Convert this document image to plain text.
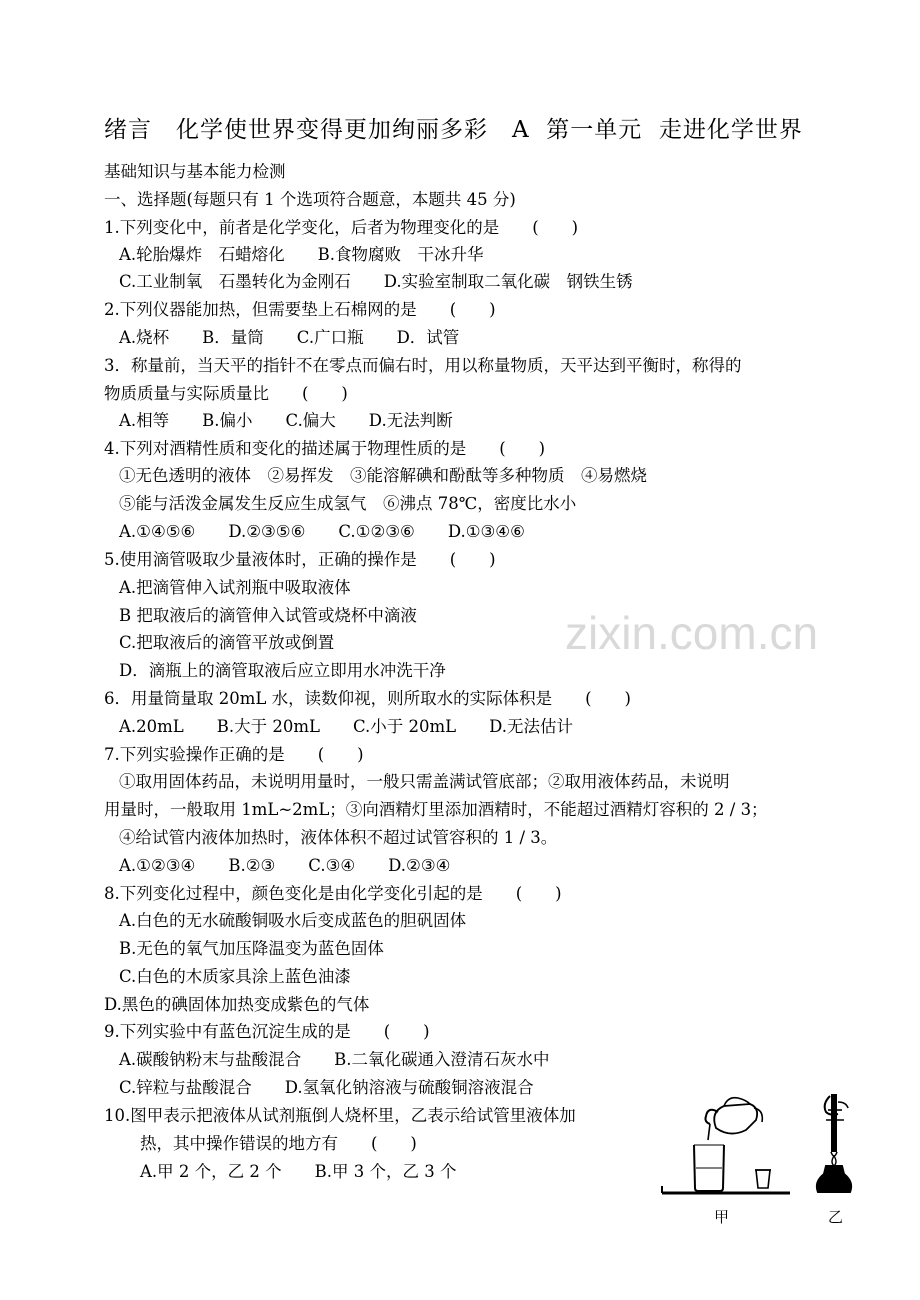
绪言　化学使世界变得更加绚丽多彩　A  第一单元  走进化学世界
基础知识与基本能力检测
一、选择题(每题只有 1 个选项符合题意，本题共 45 分)
1.下列变化中，前者是化学变化，后者为物理变化的是　　(　　)
A.轮胎爆炸　石蜡熔化　　B.食物腐败　干冰升华
C.工业制氧　石墨转化为金刚石　　D.实验室制取二氧化碳　钢铁生锈
2.下列仪器能加热，但需要垫上石棉网的是　　(　　)
A.烧杯　　B．量筒　　C.广口瓶　　D．试管
3．称量前，当天平的指针不在零点而偏右时，用以称量物质，天平达到平衡时，称得的
物质质量与实际质量比　　(　　)
A.相等　　B.偏小　　C.偏大　　D.无法判断
4.下列对酒精性质和变化的描述属于物理性质的是　　(　　)
①无色透明的液体　②易挥发　③能溶解碘和酚酞等多种物质　④易燃烧
⑤能与活泼金属发生反应生成氢气　⑥沸点 78℃，密度比水小
A.①④⑤⑥　　D.②③⑤⑥　　C.①②③⑥　　D.①③④⑥
5.使用滴管吸取少量液体时，正确的操作是　　(　　)
A.把滴管伸入试剂瓶中吸取液体
B 把取液后的滴管伸入试管或烧杯中滴液
C.把取液后的滴管平放或倒置
D．滴瓶上的滴管取液后应立即用水冲洗干净
6．用量筒量取 20mL 水，读数仰视，则所取水的实际体积是　　(　　)
A.20mL　　B.大于 20mL　　C.小于 20mL　　D.无法估计
7.下列实验操作正确的是　　(　　)
①取用固体药品，未说明用量时，一般只需盖满试管底部；②取用液体药品，未说明
用量时，一般取用 1mL~2mL；③向酒精灯里添加酒精时，不能超过酒精灯容积的 2 / 3；
④给试管内液体加热时，液体体积不超过试管容积的 1 / 3。
A.①②③④　　B.②③　　C.③④　　D.②③④
8.下列变化过程中，颜色变化是由化学变化引起的是　　(　　)
A.白色的无水硫酸铜吸水后变成蓝色的胆矾固体
B.无色的氧气加压降温变为蓝色固体
C.白色的木质家具涂上蓝色油漆
D.黑色的碘固体加热变成紫色的气体
9.下列实验中有蓝色沉淀生成的是　　(　　)
A.碳酸钠粉末与盐酸混合　　B.二氧化碳通入澄清石灰水中
C.锌粒与盐酸混合　　D.氢氧化钠溶液与硫酸铜溶液混合
10.图甲表示把液体从试剂瓶倒人烧杯里，乙表示给试管里液体加
热，其中操作错误的地方有　　(　　)
A.甲 2 个，乙 2 个　　B.甲 3 个，乙 3 个
zixin.com.cn
甲	乙
